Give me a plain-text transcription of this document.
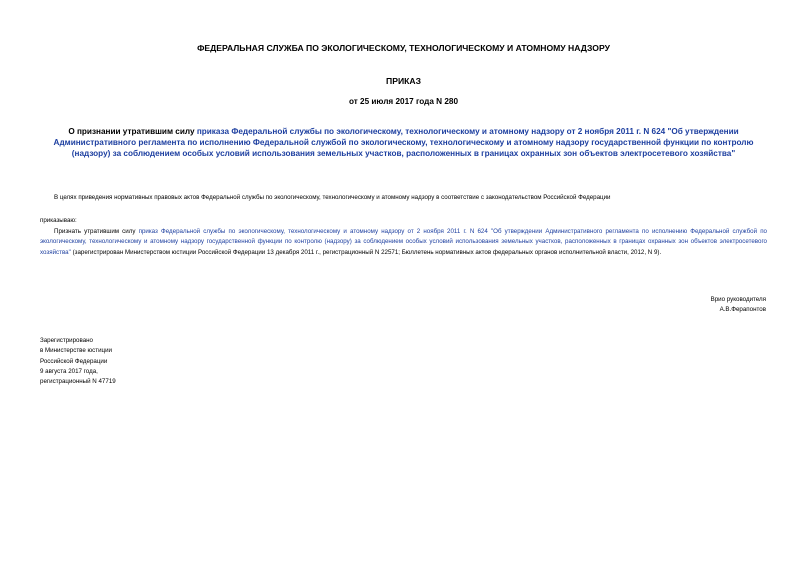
ФЕДЕРАЛЬНАЯ СЛУЖБА ПО ЭКОЛОГИЧЕСКОМУ, ТЕХНОЛОГИЧЕСКОМУ И АТОМНОМУ НАДЗОРУ
ПРИКАЗ
от 25 июля 2017 года N 280
О признании утратившим силу приказа Федеральной службы по экологическому, технологическому и атомному надзору от 2 ноября 2011 г. N 624 "Об утверждении Административного регламента по исполнению Федеральной службой по экологическому, технологическому и атомному надзору государственной функции по контролю (надзору) за соблюдением особых условий использования земельных участков, расположенных в границах охранных зон объектов электросетевого хозяйства"
В целях приведения нормативных правовых актов Федеральной службы по экологическому, технологическому и атомному надзору в соответствие с законодательством Российской Федерации
приказываю:
Признать утратившим силу приказ Федеральной службы по экологическому, технологическому и атомному надзору от 2 ноября 2011 г. N 624 "Об утверждении Административного регламента по исполнению Федеральной службой по экологическому, технологическому и атомному надзору государственной функции по контролю (надзору) за соблюдением особых условий использования земельных участков, расположенных в границах охранных зон объектов электросетевого хозяйства" (зарегистрирован Министерством юстиции Российской Федерации 13 декабря 2011 г., регистрационный N 22571; Бюллетень нормативных актов федеральных органов исполнительной власти, 2012, N 9).
Врио руководителя
А.В.Ферапонтов
Зарегистрировано
в Министерстве юстиции
Российской Федерации
9 августа 2017 года,
регистрационный N 47719
